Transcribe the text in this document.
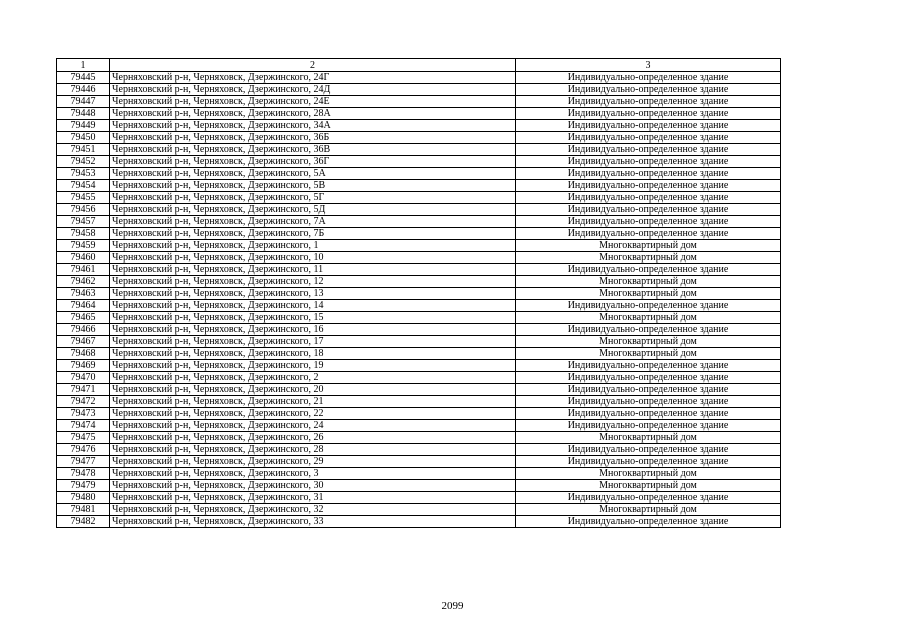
1	2	3
79445	Черняховский р-н, Черняховск, Дзержинского, 24Г	Индивидуально-определенное здание
79446	Черняховский р-н, Черняховск, Дзержинского, 24Д	Индивидуально-определенное здание
79447	Черняховский р-н, Черняховск, Дзержинского, 24Е	Индивидуально-определенное здание
79448	Черняховский р-н, Черняховск, Дзержинского, 28А	Индивидуально-определенное здание
79449	Черняховский р-н, Черняховск, Дзержинского, 34А	Индивидуально-определенное здание
79450	Черняховский р-н, Черняховск, Дзержинского, 36Б	Индивидуально-определенное здание
79451	Черняховский р-н, Черняховск, Дзержинского, 36В	Индивидуально-определенное здание
79452	Черняховский р-н, Черняховск, Дзержинского, 36Г	Индивидуально-определенное здание
79453	Черняховский р-н, Черняховск, Дзержинского, 5А	Индивидуально-определенное здание
79454	Черняховский р-н, Черняховск, Дзержинского, 5В	Индивидуально-определенное здание
79455	Черняховский р-н, Черняховск, Дзержинского, 5Г	Индивидуально-определенное здание
79456	Черняховский р-н, Черняховск, Дзержинского, 5Д	Индивидуально-определенное здание
79457	Черняховский р-н, Черняховск, Дзержинского, 7А	Индивидуально-определенное здание
79458	Черняховский р-н, Черняховск, Дзержинского, 7Б	Индивидуально-определенное здание
79459	Черняховский р-н, Черняховск, Дзержинского, 1	Многоквартирный дом
79460	Черняховский р-н, Черняховск, Дзержинского, 10	Многоквартирный дом
79461	Черняховский р-н, Черняховск, Дзержинского, 11	Индивидуально-определенное здание
79462	Черняховский р-н, Черняховск, Дзержинского, 12	Многоквартирный дом
79463	Черняховский р-н, Черняховск, Дзержинского, 13	Многоквартирный дом
79464	Черняховский р-н, Черняховск, Дзержинского, 14	Индивидуально-определенное здание
79465	Черняховский р-н, Черняховск, Дзержинского, 15	Многоквартирный дом
79466	Черняховский р-н, Черняховск, Дзержинского, 16	Индивидуально-определенное здание
79467	Черняховский р-н, Черняховск, Дзержинского, 17	Многоквартирный дом
79468	Черняховский р-н, Черняховск, Дзержинского, 18	Многоквартирный дом
79469	Черняховский р-н, Черняховск, Дзержинского, 19	Индивидуально-определенное здание
79470	Черняховский р-н, Черняховск, Дзержинского, 2	Индивидуально-определенное здание
79471	Черняховский р-н, Черняховск, Дзержинского, 20	Индивидуально-определенное здание
79472	Черняховский р-н, Черняховск, Дзержинского, 21	Индивидуально-определенное здание
79473	Черняховский р-н, Черняховск, Дзержинского, 22	Индивидуально-определенное здание
79474	Черняховский р-н, Черняховск, Дзержинского, 24	Индивидуально-определенное здание
79475	Черняховский р-н, Черняховск, Дзержинского, 26	Многоквартирный дом
79476	Черняховский р-н, Черняховск, Дзержинского, 28	Индивидуально-определенное здание
79477	Черняховский р-н, Черняховск, Дзержинского, 29	Индивидуально-определенное здание
79478	Черняховский р-н, Черняховск, Дзержинского, 3	Многоквартирный дом
79479	Черняховский р-н, Черняховск, Дзержинского, 30	Многоквартирный дом
79480	Черняховский р-н, Черняховск, Дзержинского, 31	Индивидуально-определенное здание
79481	Черняховский р-н, Черняховск, Дзержинского, 32	Многоквартирный дом
79482	Черняховский р-н, Черняховск, Дзержинского, 33	Индивидуально-определенное здание
2099
